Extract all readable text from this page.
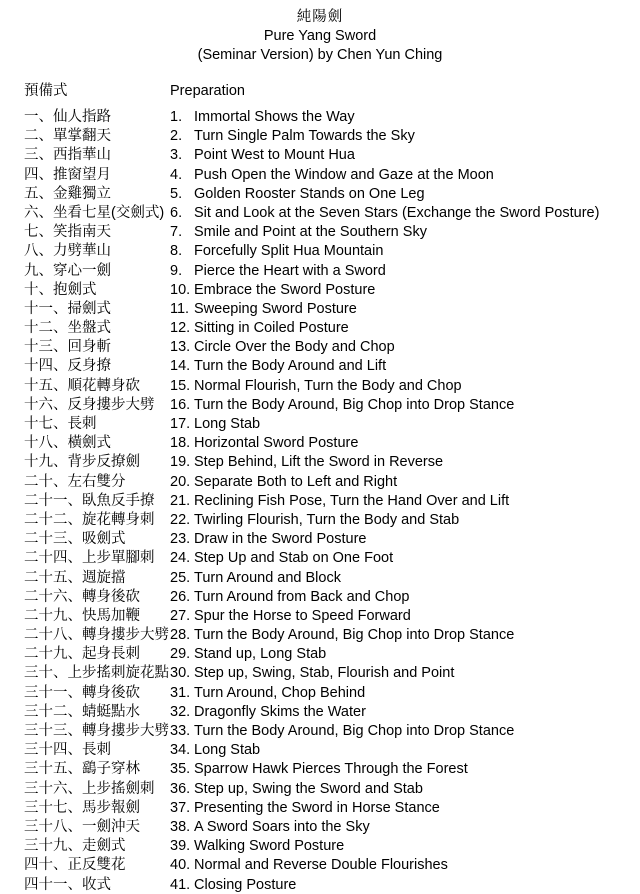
純陽劍
Pure Yang Sword
(Seminar Version) by Chen Yun Ching
預備式	Preparation
一、仙人指路	1. Immortal Shows the Way
二、單掌翻天	2. Turn Single Palm Towards the Sky
三、西指華山	3. Point West to Mount Hua
四、推窗望月	4. Push Open the Window and Gaze at the Moon
五、金雞獨立	5. Golden Rooster Stands on One Leg
六、坐看七星(交劍式) 6. Sit and Look at the Seven Stars (Exchange the Sword Posture)
七、笑指南天	7. Smile and Point at the Southern Sky
八、力劈華山	8. Forcefully Split Hua Mountain
九、穿心一劍	9. Pierce the Heart with a Sword
十、抱劍式	10. Embrace the Sword Posture
十一、掃劍式	11. Sweeping Sword Posture
十二、坐盤式	12. Sitting in Coiled Posture
十三、回身斬	13. Circle Over the Body and Chop
十四、反身撩	14. Turn the Body Around and Lift
十五、順花轉身砍	15. Normal Flourish, Turn the Body and Chop
十六、反身摟步大劈	16. Turn the Body Around, Big Chop into Drop Stance
十七、長刺	17. Long Stab
十八、橫劍式	18. Horizontal Sword Posture
十九、背步反撩劍	19. Step Behind, Lift the Sword in Reverse
二十、左右雙分	20. Separate Both to Left and Right
二十一、臥魚反手撩	21. Reclining Fish Pose, Turn the Hand Over and Lift
二十二、旋花轉身刺	22. Twirling Flourish, Turn the Body and Stab
二十三、吸劍式	23. Draw in the Sword Posture
二十四、上步單腳刺	24. Step Up and Stab on One Foot
二十五、週旋擋	25. Turn Around and Block
二十六、轉身後砍	26. Turn Around from Back and Chop
二十九、快馬加鞭	27. Spur the Horse to Speed Forward
二十八、轉身摟步大劈 28. Turn the Body Around, Big Chop into Drop Stance
二十九、起身長刺	29. Stand up, Long Stab
三十、上步搖刺旋花點 30. Step up, Swing, Stab, Flourish and Point
三十一、轉身後砍	31. Turn Around, Chop Behind
三十二、蜻蜓點水	32. Dragonfly Skims the Water
三十三、轉身摟步大劈 33. Turn the Body Around, Big Chop into Drop Stance
三十四、長刺	34. Long Stab
三十五、鷂子穿林	35. Sparrow Hawk Pierces Through the Forest
三十六、上步搖劍刺	36. Step up, Swing the Sword and Stab
三十七、馬步報劍	37. Presenting the Sword in Horse Stance
三十八、一劍沖天	38. A Sword Soars into the Sky
三十九、走劍式	39. Walking Sword Posture
四十、正反雙花	40. Normal and Reverse Double Flourishes
四十一、收式	41. Closing Posture
